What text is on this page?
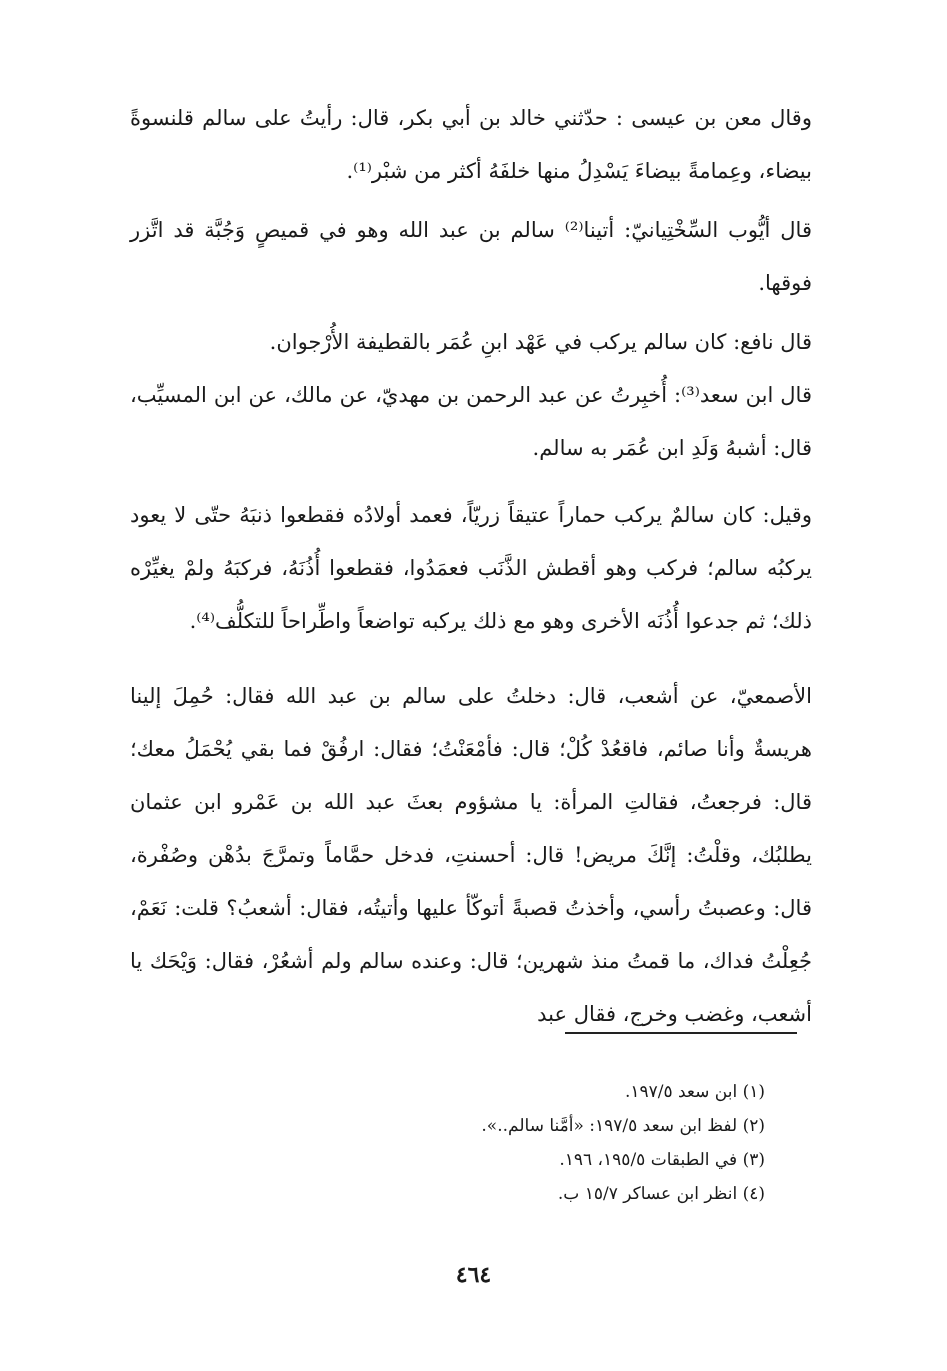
وقال معن بن عيسى : حدّثني خالد بن أبي بكر، قال: رأيتُ على سالم قلنسوةً بيضاء، وعِمامةً بيضاءَ يَسْدِلُ منها خلفَهُ أكثر من شبْر⁽¹⁾.

قال أيُّوب السِّخْتِيانيّ: أتينا⁽²⁾ سالم بن عبد الله وهو في قميصٍ وَجُبَّة قد اتَّزر فوقها.

قال نافع: كان سالم يركب في عَهْد ابنِ عُمَر بالقطيفة الأُرْجوان.

قال ابن سعد⁽³⁾: أُخبِرتُ عن عبد الرحمن بن مهديّ، عن مالك، عن ابن المسيِّب، قال: أشبهُ وَلَدِ ابن عُمَر به سالم.

وقيل: كان سالمٌ يركب حماراً عتيقاً زريّاً، فعمد أولادُه فقطعوا ذنبَهُ حتّى لا يعود يركبُه سالم؛ فركب وهو أقطش الذَّنَب فعمَدُوا، فقطعوا أُذُنَهُ، فركبَهُ ولمْ يغيِّرْه ذلك؛ ثم جدعوا أُذُنَه الأخرى وهو مع ذلك يركبه تواضعاً واطِّراحاً للتكلُّف⁽⁴⁾.

الأصمعيّ، عن أشعب، قال: دخلتُ على سالم بن عبد الله فقال: حُمِلَ إلينا هريسةٌ وأنا صائم، فاقعُدْ كُلْ؛ قال: فأمْعَنْتُ؛ فقال: ارفُقْ فما بقي يُحْمَلُ معك؛ قال: فرجعتُ، فقالتِ المرأة: يا مشؤوم بعثَ عبد الله بن عَمْرو ابن عثمان يطلبُك، وقلْتُ: إنَّكَ مريض! قال: أحسنتِ، فدخل حمَّاماً وتمرَّجَ بدُهْن وصُفْرة، قال: وعصبتُ رأسي، وأخذتُ قصبةً أتوكّأ عليها وأتيتُه، فقال: أشعبُ؟ قلت: نَعَمْ، جُعِلْتُ فداك، ما قمتُ منذ شهرين؛ قال: وعنده سالم ولم أشعُرْ، فقال: وَيْحَك يا أشعب، وغضب وخرج، فقال عبد

(١) ابن سعد ١٩٧/٥.

(٢) لفظ ابن سعد ١٩٧/٥: «أمَّنا سالم..».

(٣) في الطبقات ١٩٥/٥، ١٩٦.

(٤) انظر ابن عساكر ١٥/٧ ب.

٤٦٤
